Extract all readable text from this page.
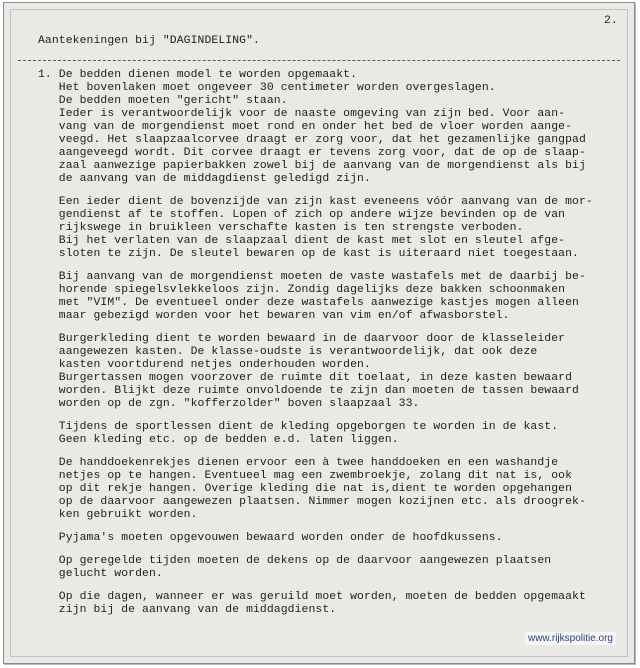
2.
Aantekeningen bij "DAGINDELING".
1. De bedden dienen model te worden opgemaakt.
Het bovenlaken moet ongeveer 30 centimeter worden overgeslagen.
De bedden moeten "gericht" staan.
Ieder is verantwoordelijk voor de naaste omgeving van zijn bed. Voor aan-
vang van de morgendienst moet rond en onder het bed de vloer worden aange-
veegd. Het slaapzaalcorvee draagt er zorg voor, dat het gezamenlijke gangpad
aangeveegd wordt. Dit corvee draagt er tevens zorg voor, dat de op de slaap-
zaal aanwezige papierbakken zowel bij de aanvang van de morgendienst als bij
de aanvang van de middagdienst geledigd zijn.
Een ieder dient de bovenzijde van zijn kast eveneens vóór aanvang van de mor-
gendienst af te stoffen. Lopen of zich op andere wijze bevinden op de van
rijkswege in bruikleen verschafte kasten is ten strengste verboden.
Bij het verlaten van de slaapzaal dient de kast met slot en sleutel afge-
sloten te zijn. De sleutel bewaren op de kast is uiteraard niet toegestaan.
Bij aanvang van de morgendienst moeten de vaste wastafels met de daarbij be-
horende spiegelsvlekkeloos zijn. Zondig dagelijks deze bakken schoonmaken
met "VIM". De eventueel onder deze wastafels aanwezige kastjes mogen alleen
maar gebezigd worden voor het bewaren van vim en/of afwasborstel.
Burgerkleding dient te worden bewaard in de daarvoor door de klasseleider
aangewezen kasten. De klasse-oudste is verantwoordelijk, dat ook deze
kasten voortdurend netjes onderhouden worden.
Burgertassen mogen voorzover de ruimte dit toelaat, in deze kasten bewaard
worden. Blijkt deze ruimte onvoldoende te zijn dan moeten de tassen bewaard
worden op de zgn. "kofferzolder" boven slaapzaal 33.
Tijdens de sportlessen dient de kleding opgeborgen te worden in de kast.
Geen kleding etc. op de bedden e.d. laten liggen.
De handdoekenrekjes dienen ervoor een à twee handdoeken en een washandje
netjes op te hangen. Eventueel mag een zwembroekje, zolang dit nat is, ook
op dit rekje hangen. Overige kleding die nat is,dient te worden opgehangen
op de daarvoor aangewezen plaatsen. Nimmer mogen kozijnen etc. als droogrek-
ken gebruikt worden.
Pyjama's moeten opgevouwen bewaard worden onder de hoofdkussens.
Op geregelde tijden moeten de dekens op de daarvoor aangewezen plaatsen
gelucht worden.
Op die dagen, wanneer er was geruild moet worden, moeten de bedden opgemaakt
zijn bij de aanvang van de middagdienst.
www.rijkspolitie.org
